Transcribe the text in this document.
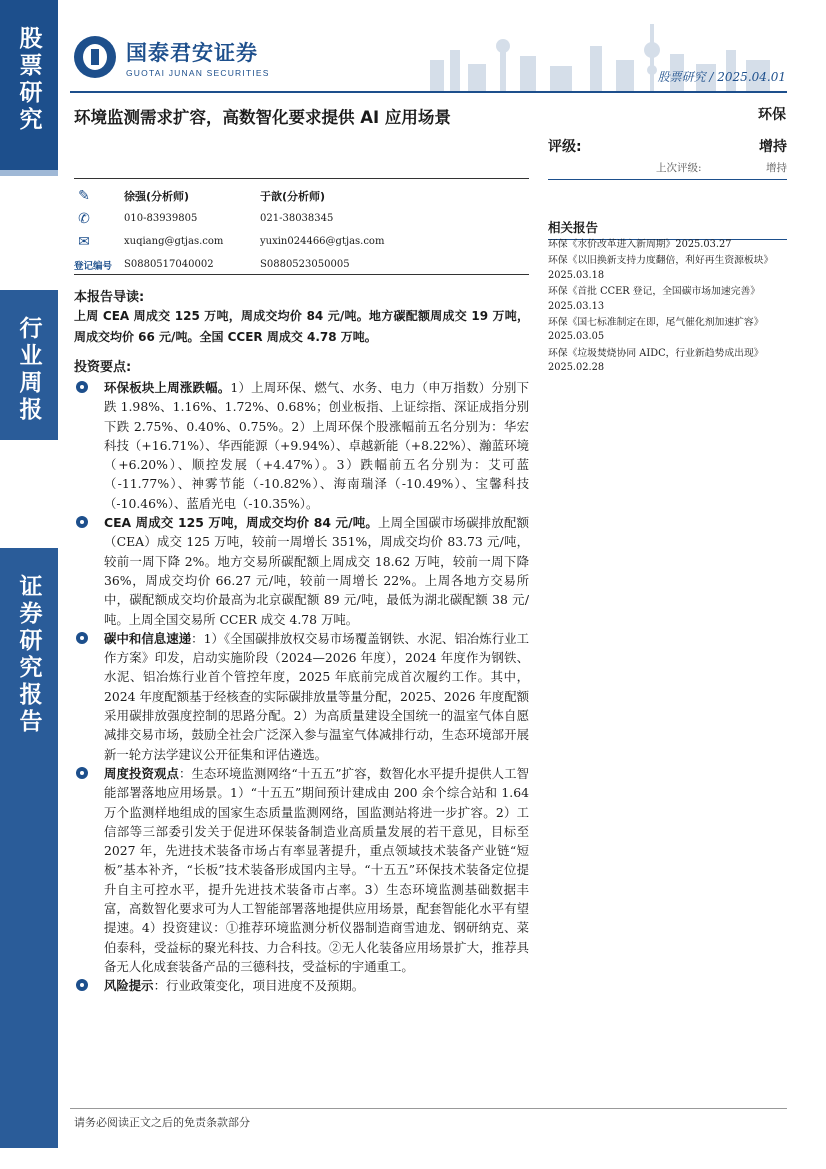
股票研究
行业周报
证券研究报告
国泰君安证券
GUOTAI JUNAN SECURITIES	股票研究 / 2025.04.01
环境监测需求扩容，高数智化要求提供 AI 应用场景	环保
评级:	增持
上次评级:	增持
✎	徐强(分析师)	于歆(分析师)
✆	010-83939805	021-38038345
✉	xuqiang@gtjas.com	yuxin024466@gtjas.com
登记编号 S0880517040002	S0880523050005
本报告导读:
上周 CEA 周成交 125 万吨，周成交均价 84 元/吨。地方碳配额周成交 19 万吨，周成交均价 66 元/吨。全国 CCER 周成交 4.78 万吨。
投资要点:
环保板块上周涨跌幅。1）上周环保、燃气、水务、电力（申万指数）分别下跌 1.98%、1.16%、1.72%、0.68%；创业板指、上证综指、深证成指分别下跌 2.75%、0.40%、0.75%。2）上周环保个股涨幅前五名分别为：华宏科技（+16.71%）、华西能源（+9.94%）、卓越新能（+8.22%）、瀚蓝环境（+6.20%）、顺控发展（+4.47%）。3）跌幅前五名分别为：艾可蓝（-11.77%）、神雾节能（-10.82%）、海南瑞泽（-10.49%）、宝馨科技（-10.46%）、蓝盾光电（-10.35%）。
CEA 周成交 125 万吨，周成交均价 84 元/吨。上周全国碳市场碳排放配额（CEA）成交 125 万吨，较前一周增长 351%，周成交均价 83.73 元/吨，较前一周下降 2%。地方交易所碳配额上周成交 18.62 万吨，较前一周下降 36%，周成交均价 66.27 元/吨，较前一周增长 22%。上周各地方交易所中，碳配额成交均价最高为北京碳配额 89 元/吨，最低为湖北碳配额 38 元/吨。上周全国交易所 CCER 成交 4.78 万吨。
碳中和信息速递：1）《全国碳排放权交易市场覆盖钢铁、水泥、铝冶炼行业工作方案》印发，启动实施阶段（2024—2026 年度），2024 年度作为钢铁、水泥、铝冶炼行业首个管控年度，2025 年底前完成首次履约工作。其中，2024 年度配额基于经核查的实际碳排放量等量分配，2025、2026 年度配额采用碳排放强度控制的思路分配。2）为高质量建设全国统一的温室气体自愿减排交易市场，鼓励全社会广泛深入参与温室气体减排行动，生态环境部开展新一轮方法学建议公开征集和评估遴选。
周度投资观点：生态环境监测网络“十五五”扩容，数智化水平提升提供人工智能部署落地应用场景。1）“十五五”期间预计建成由 200 余个综合站和 1.64 万个监测样地组成的国家生态质量监测网络，国监测站将进一步扩容。2）工信部等三部委引发关于促进环保装备制造业高质量发展的若干意见，目标至 2027 年，先进技术装备市场占有率显著提升，重点领域技术装备产业链“短板”基本补齐，“长板”技术装备形成国内主导。“十五五”环保技术装备定位提升自主可控水平，提升先进技术装备市占率。3）生态环境监测基础数据丰富，高数智化要求可为人工智能部署落地提供应用场景，配套智能化水平有望提速。4）投资建议：①推荐环境监测分析仪器制造商雪迪龙、钢研纳克、菜伯泰科，受益标的聚光科技、力合科技。②无人化装备应用场景扩大，推荐具备无人化成套装备产品的三德科技，受益标的宇通重工。
风险提示：行业政策变化，项目进度不及预期。
相关报告
环保《水价改革进入新周期》2025.03.27
环保《以旧换新支持力度翻倍，利好再生资源板块》2025.03.18
环保《首批 CCER 登记，全国碳市场加速完善》2025.03.13
环保《国七标准制定在即，尾气催化剂加速扩容》2025.03.05
环保《垃圾焚烧协同 AIDC，行业新趋势成出现》2025.02.28
请务必阅读正文之后的免责条款部分
